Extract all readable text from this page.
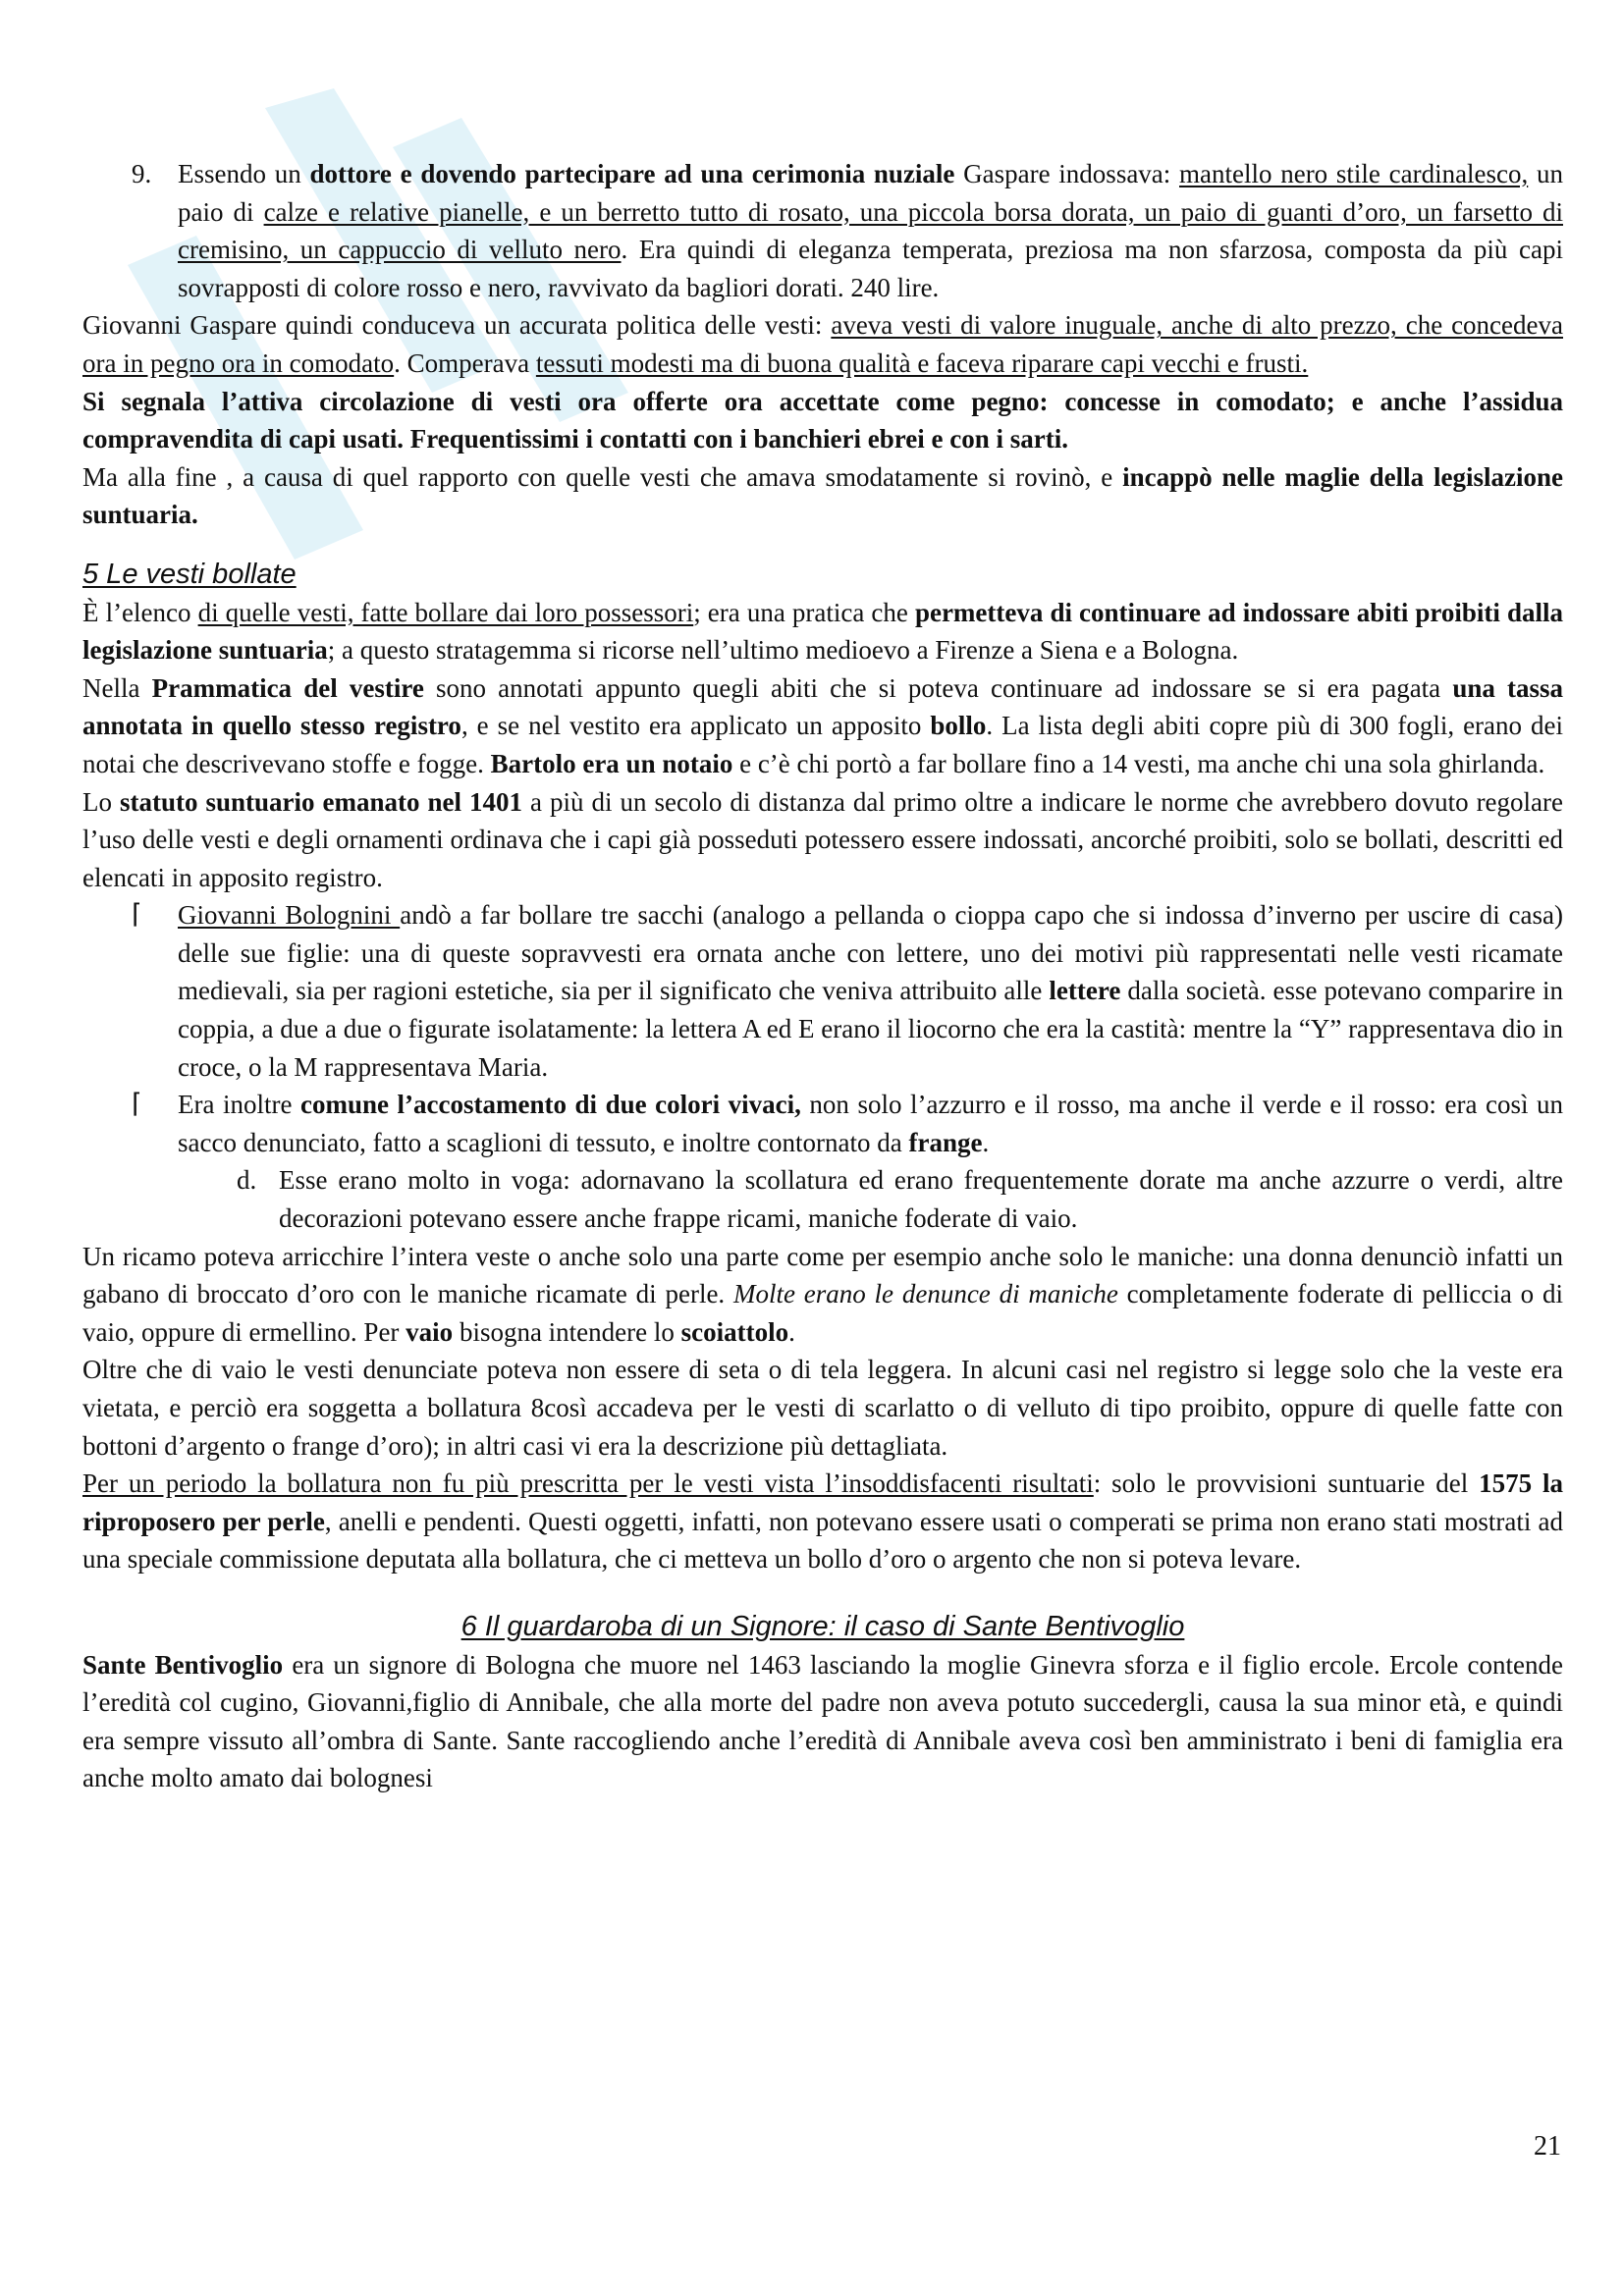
9. Essendo un dottore e dovendo partecipare ad una cerimonia nuziale Gaspare indossava: mantello nero stile cardinalesco, un paio di calze e relative pianelle, e un berretto tutto di rosato, una piccola borsa dorata, un paio di guanti d’oro, un farsetto di cremisino, un cappuccio di velluto nero. Era quindi di eleganza temperata, preziosa ma non sfarzosa, composta da più capi sovrapposti di colore rosso e nero, ravvivato da bagliori dorati. 240 lire.

Giovanni Gaspare quindi conduceva un accurata politica delle vesti: aveva vesti di valore inuguale, anche di alto prezzo, che concedeva ora in pegno ora in comodato. Comperava tessuti modesti ma di buona qualità e faceva riparare capi vecchi e frusti.

Si segnala l’attiva circolazione di vesti ora offerte ora accettate come pegno: concesse in comodato; e anche l’assidua compravendita di capi usati. Frequentissimi i contatti con i banchieri ebrei e con i sarti.

Ma alla fine , a causa di quel rapporto con quelle vesti che amava smodatamente si rovinò, e incappò nelle maglie della legislazione suntuaria.

5 Le vesti bollate

È l’elenco di quelle vesti, fatte bollare dai loro possessori; era una pratica che permetteva di continuare ad indossare abiti proibiti dalla legislazione suntuaria; a questo stratagemma si ricorse nell’ultimo medioevo a Firenze a Siena e a Bologna.

Nella Prammatica del vestire sono annotati appunto quegli abiti che si poteva continuare ad indossare se si era pagata una tassa annotata in quello stesso registro, e se nel vestito era applicato un apposito bollo. La lista degli abiti copre più di 300 fogli, erano dei notai che descrivevano stoffe e fogge. Bartolo era un notaio e c’è chi portò a far bollare fino a 14 vesti, ma anche chi una sola ghirlanda.

Lo statuto suntuario emanato nel 1401 a più di un secolo di distanza dal primo oltre a indicare le norme che avrebbero dovuto regolare l’uso delle vesti e degli ornamenti ordinava che i capi già posseduti potessero essere indossati, ancorché proibiti, solo se bollati, descritti ed elencati in apposito registro.

⌈ Giovanni Bolognini andò a far bollare tre sacchi (analogo a pellanda o cioppa capo che si indossa d’inverno per uscire di casa) delle sue figlie: una di queste sopravvesti era ornata anche con lettere, uno dei motivi più rappresentati nelle vesti ricamate medievali, sia per ragioni estetiche, sia per il significato che veniva attribuito alle lettere dalla società. esse potevano comparire in coppia, a due a due o figurate isolatamente: la lettera A ed E erano il liocorno che era la castità: mentre la “Y” rappresentava dio in croce, o la M rappresentava Maria.

⌈ Era inoltre comune l’accostamento di due colori vivaci, non solo l’azzurro e il rosso, ma anche il verde e il rosso: era così un sacco denunciato, fatto a scaglioni di tessuto, e inoltre contornato da frange.

d. Esse erano molto in voga: adornavano la scollatura ed erano frequentemente dorate ma anche azzurre o verdi, altre decorazioni potevano essere anche frappe ricami, maniche foderate di vaio.

Un ricamo poteva arricchire l’intera veste o anche solo una parte come per esempio anche solo le maniche: una donna denunciò infatti un gabano di broccato d’oro con le maniche ricamate di perle. Molte erano le denunce di maniche completamente foderate di pelliccia o di vaio, oppure di ermellino. Per vaio bisogna intendere lo scoiattolo.

Oltre che di vaio le vesti denunciate poteva non essere di seta o di tela leggera. In alcuni casi nel registro si legge solo che la veste era vietata, e perciò era soggetta a bollatura 8così accadeva per le vesti di scarlatto o di velluto di tipo proibito, oppure di quelle fatte con bottoni d’argento o frange d’oro); in altri casi vi era la descrizione più dettagliata.

Per un periodo la bollatura non fu più prescritta per le vesti vista l’insoddisfacenti risultati: solo le provvisioni suntuarie del 1575 la riproposero per perle, anelli e pendenti. Questi oggetti, infatti, non potevano essere usati o comperati se prima non erano stati mostrati ad una speciale commissione deputata alla bollatura, che ci metteva un bollo d’oro o argento che non si poteva levare.

6 Il guardaroba di un Signore: il caso di Sante Bentivoglio

Sante Bentivoglio era un signore di Bologna che muore nel 1463 lasciando la moglie Ginevra sforza e il figlio ercole. Ercole contende l’eredità col cugino, Giovanni,figlio di Annibale, che alla morte del padre non aveva potuto succedergli, causa la sua minor età, e quindi era sempre vissuto all’ombra di Sante. Sante raccogliendo anche l’eredità di Annibale aveva così ben amministrato i beni di famiglia era anche molto amato dai bolognesi

21
